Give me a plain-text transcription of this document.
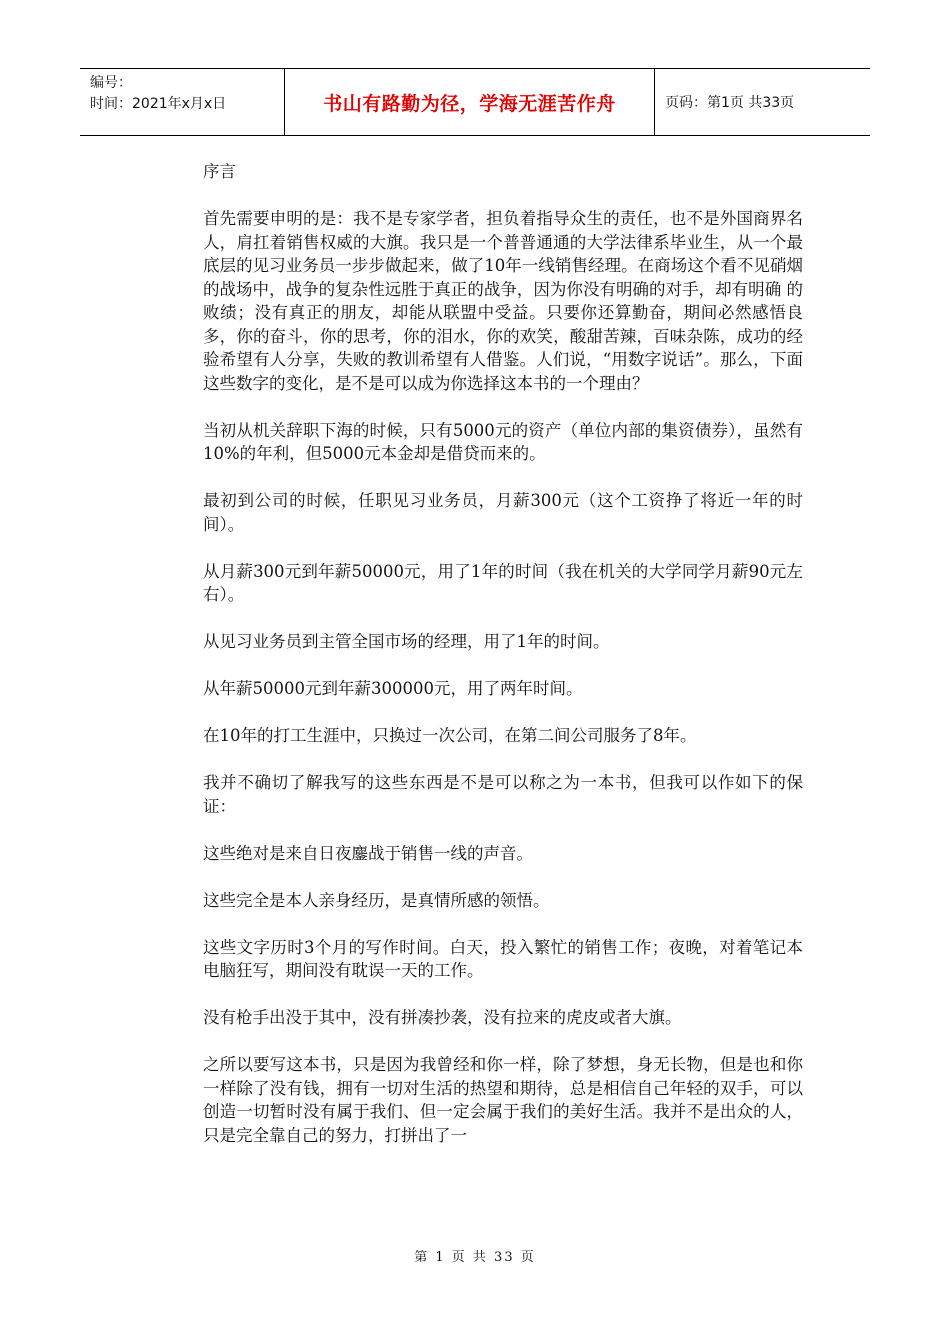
编号：
时间：2021年x月x日	书山有路勤为径，学海无涯苦作舟	页码：第1页 共33页

序言

首先需要申明的是：我不是专家学者，担负着指导众生的责任，也不是外国商界名人，肩扛着销售权威的大旗。我只是一个普普通通的大学法律系毕业生，从一个最 底层的见习业务员一步步做起来，做了10年一线销售经理。在商场这个看不见硝烟的战场中，战争的复杂性远胜于真正的战争，因为你没有明确的对手，却有明确 的败绩；没有真正的朋友，却能从联盟中受益。只要你还算勤奋，期间必然感悟良多，你的奋斗，你的思考，你的泪水，你的欢笑，酸甜苦辣，百味杂陈，成功的经 验希望有人分享，失败的教训希望有人借鉴。人们说，“用数字说话”。那么，下面这些数字的变化，是不是可以成为你选择这本书的一个理由？

当初从机关辞职下海的时候，只有5000元的资产（单位内部的集资债券），虽然有10%的年利，但5000元本金却是借贷而来的。

最初到公司的时候，任职见习业务员，月薪300元（这个工资挣了将近一年的时间）。

从月薪300元到年薪50000元，用了1年的时间（我在机关的大学同学月薪90元左右）。

从见习业务员到主管全国市场的经理，用了1年的时间。

从年薪50000元到年薪300000元，用了两年时间。

在10年的打工生涯中，只换过一次公司，在第二间公司服务了8年。

我并不确切了解我写的这些东西是不是可以称之为一本书，但我可以作如下的保证：

这些绝对是来自日夜鏖战于销售一线的声音。

这些完全是本人亲身经历，是真情所感的领悟。

这些文字历时3个月的写作时间。白天，投入繁忙的销售工作；夜晚，对着笔记本电脑狂写，期间没有耽误一天的工作。

没有枪手出没于其中，没有拼凑抄袭，没有拉来的虎皮或者大旗。

之所以要写这本书，只是因为我曾经和你一样，除了梦想，身无长物，但是也和你一样除了没有钱，拥有一切对生活的热望和期待，总是相信自己年轻的双手，可以 创造一切暂时没有属于我们、但一定会属于我们的美好生活。我并不是出众的人，只是完全靠自己的努力，打拼出了一

第 1 页 共 33 页
